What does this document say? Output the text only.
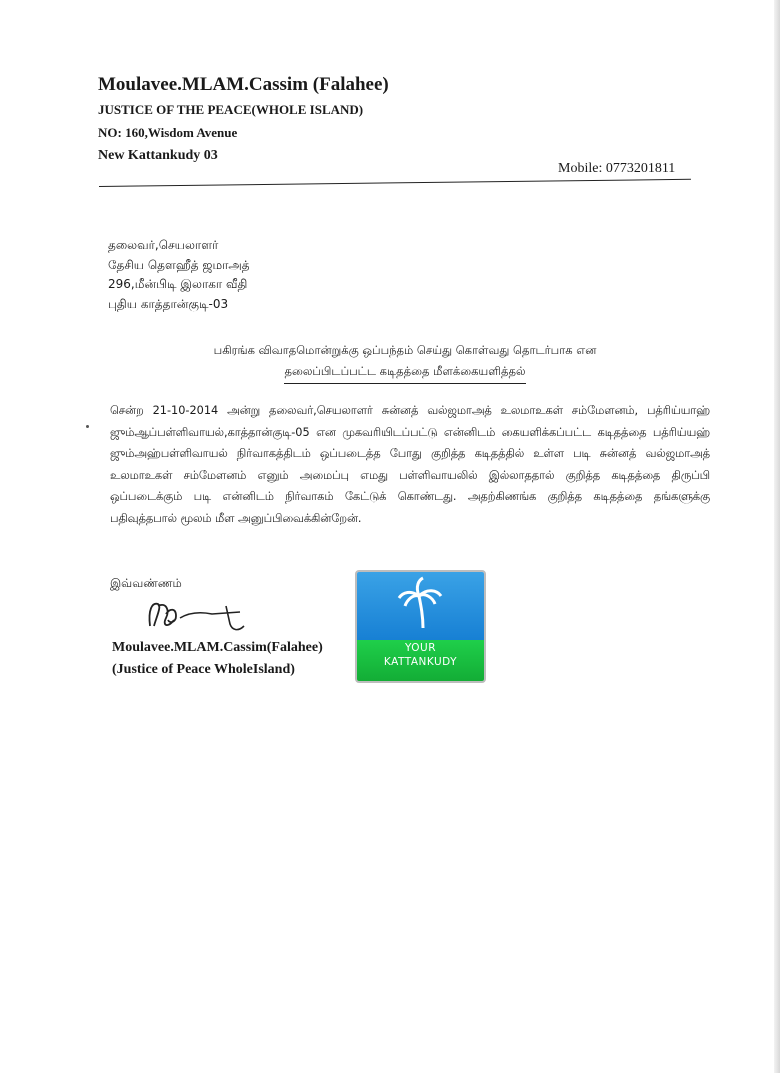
Moulavee.MLAM.Cassim (Falahee)

JUSTICE OF THE PEACE(WHOLE ISLAND)

NO: 160,Wisdom Avenue

New Kattankudy 03

Mobile: 0773201811
தலைவர்,செயலாளர்
தேசிய தௌஹீத் ஜமாஅத்
296,மீன்பிடி இலாகா வீதி
புதிய காத்தான்குடி-03
பகிரங்க விவாதமொன்றுக்கு ஒப்பந்தம் செய்து கொள்வது தொடர்பாக என
தலைப்பிடப்பட்ட கடிதத்தை மீளக்கையளித்தல்
சென்ற 21-10-2014 அன்று தலைவர்,செயலாளர் சுன்னத் வல்ஜமாஅத் உலமாஉகள் சம்மேளனம், பத்ரிய்யாஹ் ஜும்ஆப்பள்ளிவாயல்,காத்தான்குடி-05 என முகவரியிடப்பட்டு என்னிடம் கையளிக்கப்பட்ட கடிதத்தை பத்ரிய்யஹ் ஜும்அஹ்பள்ளிவாயல் நிர்வாகத்திடம் ஒப்படைத்த போது குறித்த கடிதத்தில் உள்ள படி சுன்னத் வல்ஜமாஅத் உலமாஉகள் சம்மேளனம் எனும் அமைப்பு எமது பள்ளிவாயலில் இல்லாததால் குறித்த கடிதத்தை திருப்பி ஒப்படைக்கும் படி என்னிடம் நிர்வாகம் கேட்டுக் கொண்டது. அதற்கிணங்க குறித்த கடிதத்தை தங்களுக்கு பதிவுத்தபால் மூலம் மீள அனுப்பிவைக்கின்றேன்.
இவ்வண்ணம்
Moulavee.MLAM.Cassim(Falahee)
(Justice of Peace WholeIsland)
YOUR
KATTANKUDY
